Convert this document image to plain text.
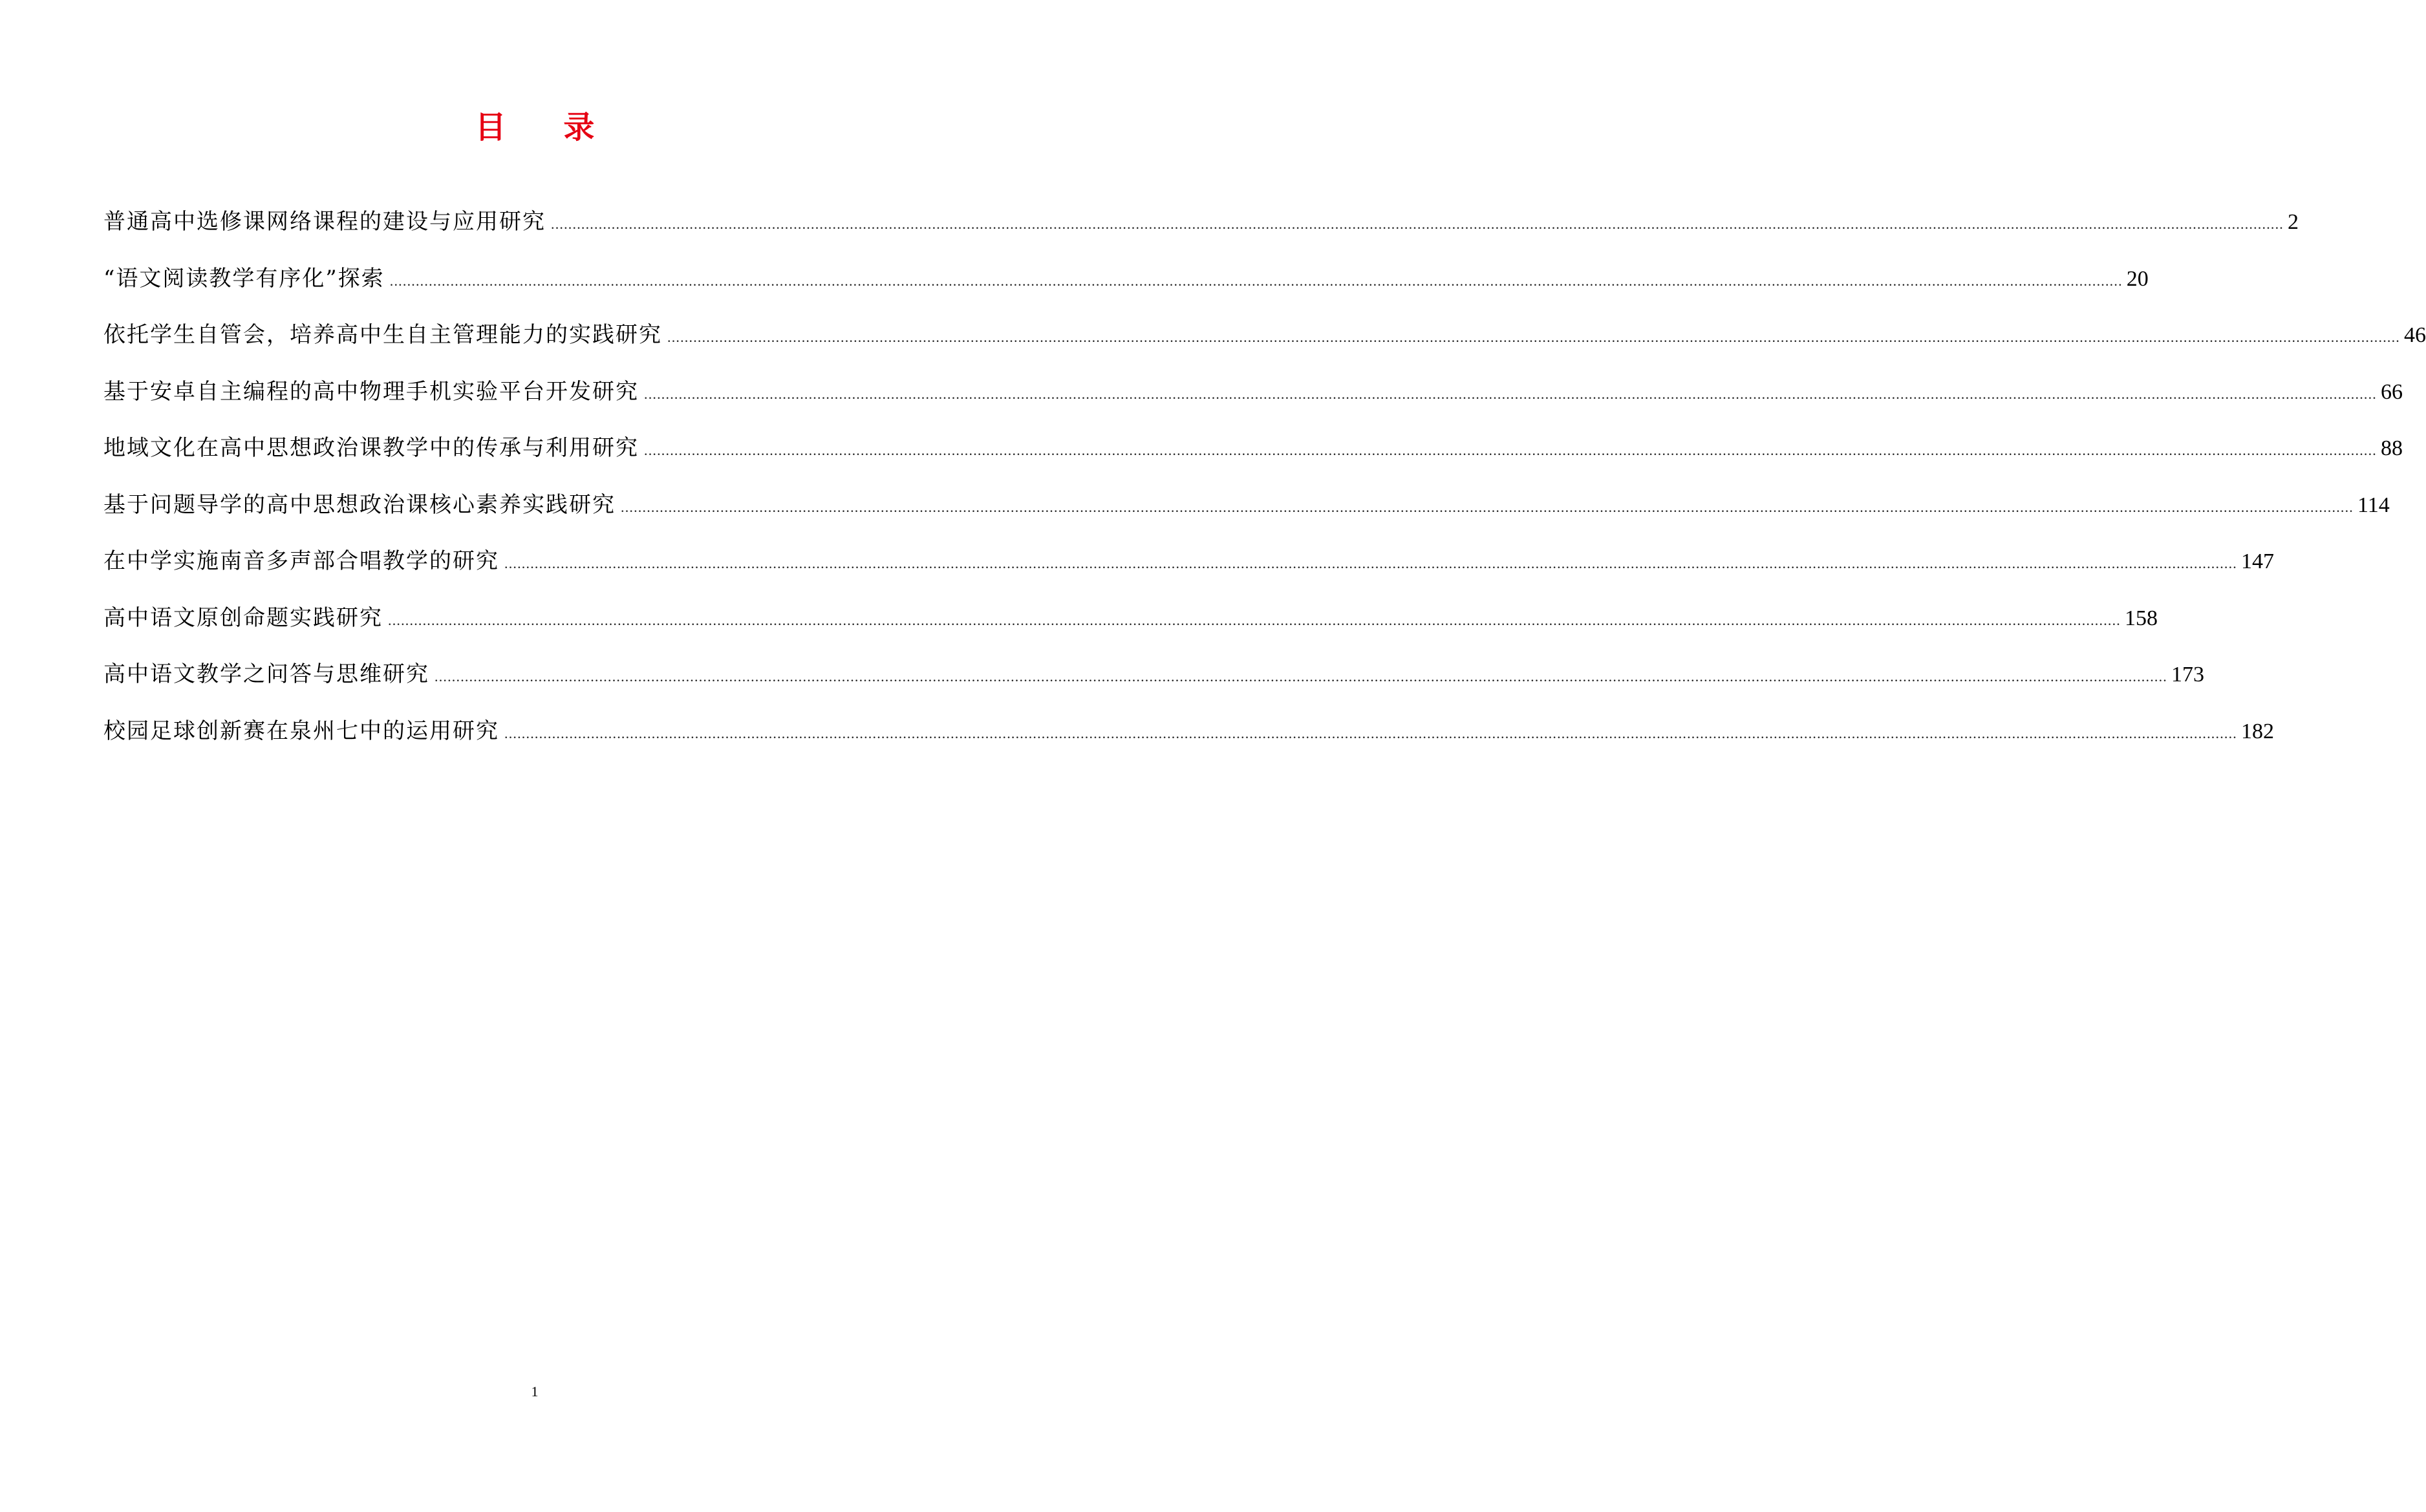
目 录
普通高中选修课网络课程的建设与应用研究 ................................................................................................................................................................................................................................................................................................................................................................................................................ 2
“语文阅读教学有序化”探索 ................................................................................................................................................................................................................................................................................................................................................................................................................ 20
依托学生自管会，培养高中生自主管理能力的实践研究 ................................................................................................................................................................................................................................................................................................................................................................................................................ 46
基于安卓自主编程的高中物理手机实验平台开发研究 ................................................................................................................................................................................................................................................................................................................................................................................................................ 66
地域文化在高中思想政治课教学中的传承与利用研究 ................................................................................................................................................................................................................................................................................................................................................................................................................ 88
基于问题导学的高中思想政治课核心素养实践研究 ................................................................................................................................................................................................................................................................................................................................................................................................................ 114
在中学实施南音多声部合唱教学的研究 ................................................................................................................................................................................................................................................................................................................................................................................................................ 147
高中语文原创命题实践研究 ................................................................................................................................................................................................................................................................................................................................................................................................................ 158
高中语文教学之问答与思维研究 ................................................................................................................................................................................................................................................................................................................................................................................................................ 173
校园足球创新赛在泉州七中的运用研究 ................................................................................................................................................................................................................................................................................................................................................................................................................ 182
1
